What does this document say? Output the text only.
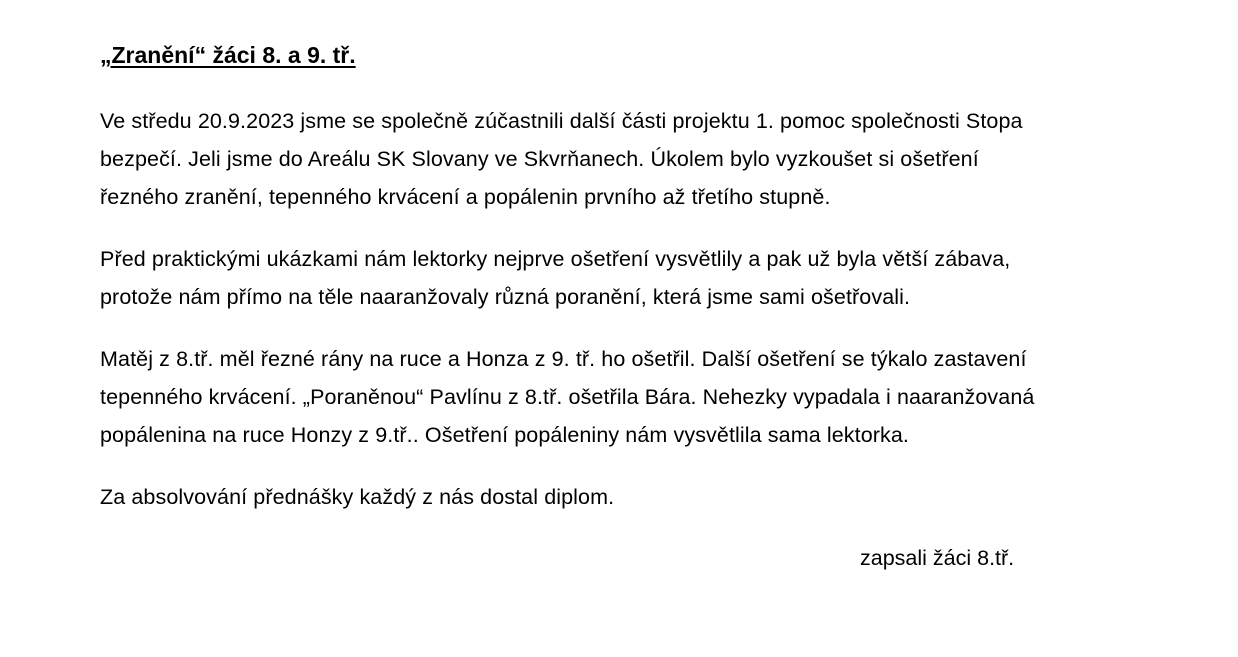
„Zranění“ žáci 8. a 9. tř.

Ve středu 20.9.2023 jsme se společně zúčastnili další části projektu 1. pomoc společnosti Stopa
bezpečí. Jeli jsme do Areálu SK Slovany ve Skvrňanech. Úkolem bylo vyzkoušet si ošetření
řezného zranění, tepenného krvácení a popálenin prvního až třetího stupně.

Před praktickými ukázkami nám lektorky nejprve ošetření vysvětlily a pak už byla větší zábava,
protože nám přímo na těle naaranžovaly různá poranění, která jsme sami ošetřovali.

Matěj z 8.tř. měl řezné rány na ruce a Honza z 9. tř. ho ošetřil. Další ošetření se týkalo zastavení
tepenného krvácení. „Poraněnou“ Pavlínu z 8.tř. ošetřila Bára. Nehezky vypadala i naaranžovaná
popálenina na ruce Honzy z 9.tř.. Ošetření popáleniny nám vysvětlila sama lektorka.

Za absolvování přednášky každý z nás dostal diplom.

zapsali žáci 8.tř.
